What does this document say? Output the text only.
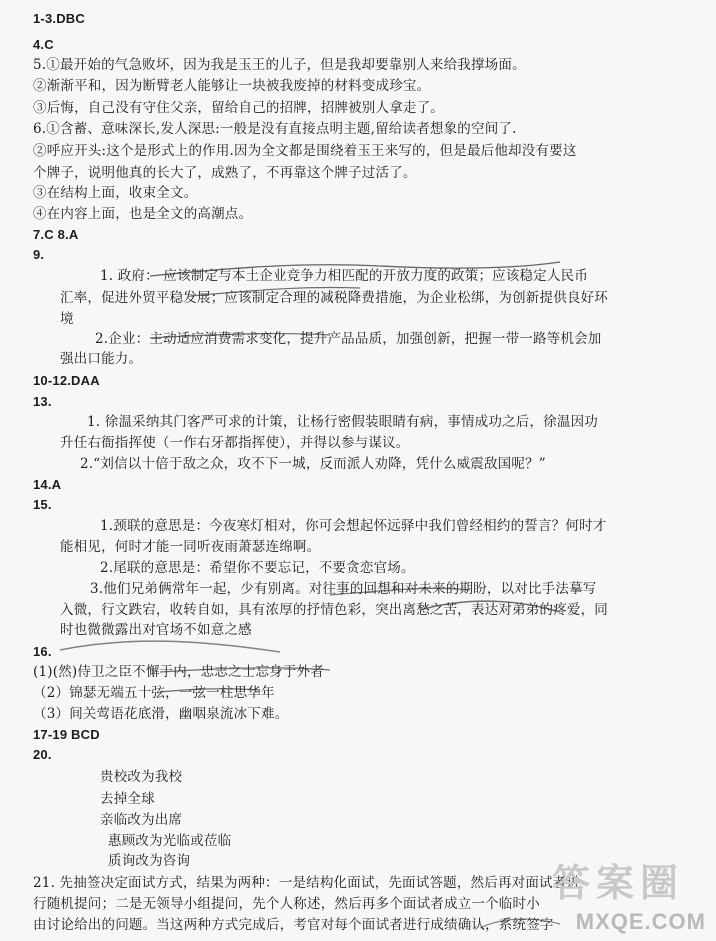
1-3.DBC
4.C
5.①最开始的气急败坏，因为我是玉王的儿子，但是我却要靠别人来给我撑场面。
②渐渐平和，因为断臂老人能够让一块被我废掉的材料变成珍宝。
③后悔，自己没有守住父亲，留给自己的招牌，招牌被别人拿走了。
6.①含蓄、意味深长,发人深思:一般是没有直接点明主题,留给读者想象的空间了.
②呼应开头:这个是形式上的作用.因为全文都是围绕着玉王来写的，但是最后他却没有要这
个牌子，说明他真的长大了，成熟了，不再靠这个牌子过活了。
③在结构上面，收束全文。
④在内容上面，也是全文的高潮点。
7.C 8.A
9.
1. 政府： 应该制定与本土企业竞争力相匹配的开放力度的政策；应该稳定人民币
汇率，促进外贸平稳发展；应该制定合理的减税降费措施，为企业松绑，为创新提供良好环
境
2.企业：主动适应消费需求变化，提升产品品质，加强创新，把握一带一路等机会加
强出口能力。
10-12.DAA
13.
1. 徐温采纳其门客严可求的计策，让杨行密假装眼睛有病，事情成功之后，徐温因功
升任右衙指挥使（一作右牙都指挥使），并得以参与谋议。
2.“刘信以十倍于敌之众，攻不下一城，反而派人劝降，凭什么威震敌国呢？”
14.A
15.
1.颈联的意思是：今夜寒灯相对，你可会想起怀远驿中我们曾经相约的誓言？何时才
能相见，何时才能一同听夜雨萧瑟连绵啊。
2.尾联的意思是：希望你不要忘记，不要贪恋官场。
3.他们兄弟俩常年一起，少有别离。对往事的回想和对未来的期盼，以对比手法摹写
入微，行文跌宕，收转自如，具有浓厚的抒情色彩，突出离愁之苦，表达对弟弟的疼爱，同
时也微微露出对官场不如意之感
16.
(1)(然)侍卫之臣不懈于内，忠志之士忘身于外者
（2）锦瑟无端五十弦，一弦一柱思华年
（3）间关莺语花底滑，幽咽泉流冰下难。
17-19 BCD
20.
贵校改为我校
去掉全球
亲临改为出席
惠顾改为光临或莅临
质询改为咨询
21. 先抽签决定面试方式，结果为两种：一是结构化面试，先面试答题，然后再对面试者进
行随机提问；二是无领导小组提问，先个人称述，然后再多个面试者成立一个临时小
由讨论给出的问题。当这两种方式完成后，考官对每个面试者进行成绩确认，系统签字
答案圈
MXQE.COM
